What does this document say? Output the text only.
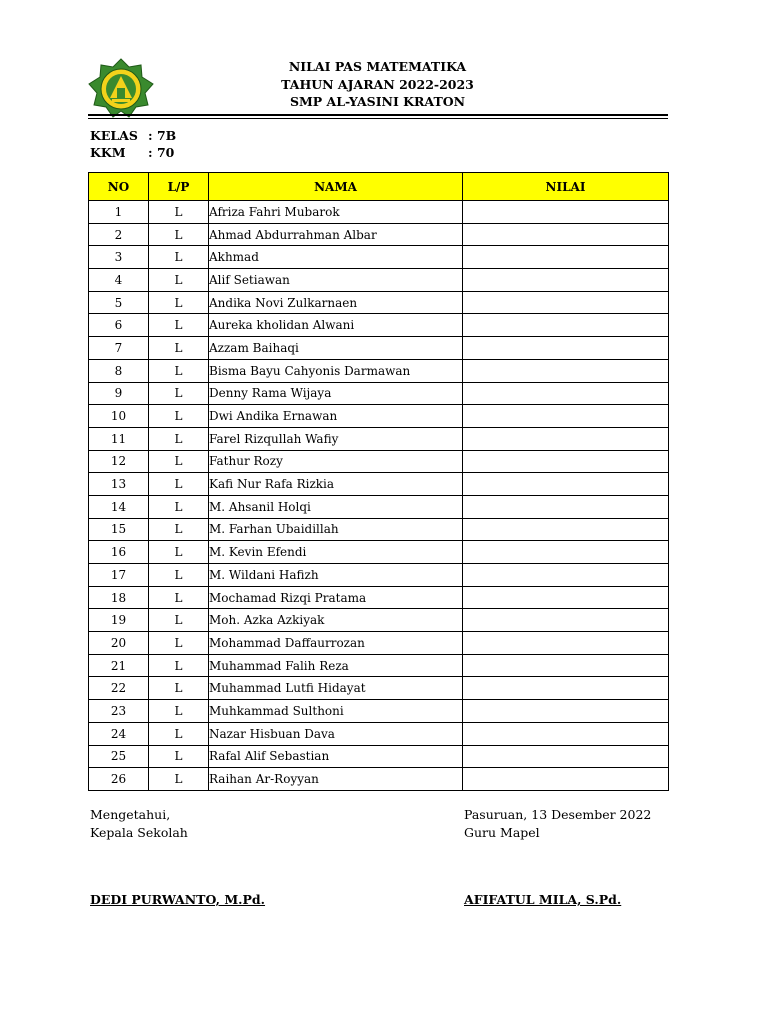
NILAI PAS MATEMATIKA
TAHUN AJARAN 2022-2023
SMP AL-YASINI KRATON
KELAS : 7B
KKM : 70
NO	L/P	NAMA	NILAI
1	L	Afriza Fahri Mubarok	
2	L	Ahmad Abdurrahman Albar	
3	L	Akhmad	
4	L	Alif Setiawan	
5	L	Andika Novi Zulkarnaen	
6	L	Aureka kholidan Alwani	
7	L	Azzam Baihaqi	
8	L	Bisma Bayu Cahyonis Darmawan	
9	L	Denny Rama Wijaya	
10	L	Dwi Andika Ernawan	
11	L	Farel Rizqullah Wafiy	
12	L	Fathur Rozy	
13	L	Kafi Nur Rafa Rizkia	
14	L	M. Ahsanil Holqi	
15	L	M. Farhan Ubaidillah	
16	L	M. Kevin Efendi	
17	L	M. Wildani Hafizh	
18	L	Mochamad Rizqi Pratama	
19	L	Moh. Azka Azkiyak	
20	L	Mohammad Daffaurrozan	
21	L	Muhammad Falih Reza	
22	L	Muhammad Lutfi Hidayat	
23	L	Muhkammad Sulthoni	
24	L	Nazar Hisbuan Dava	
25	L	Rafal Alif Sebastian	
26	L	Raihan Ar-Royyan	
Mengetahui,
Kepala Sekolah
Pasuruan, 13 Desember 2022
Guru Mapel
DEDI PURWANTO, M.Pd.	AFIFATUL MILA, S.Pd.
